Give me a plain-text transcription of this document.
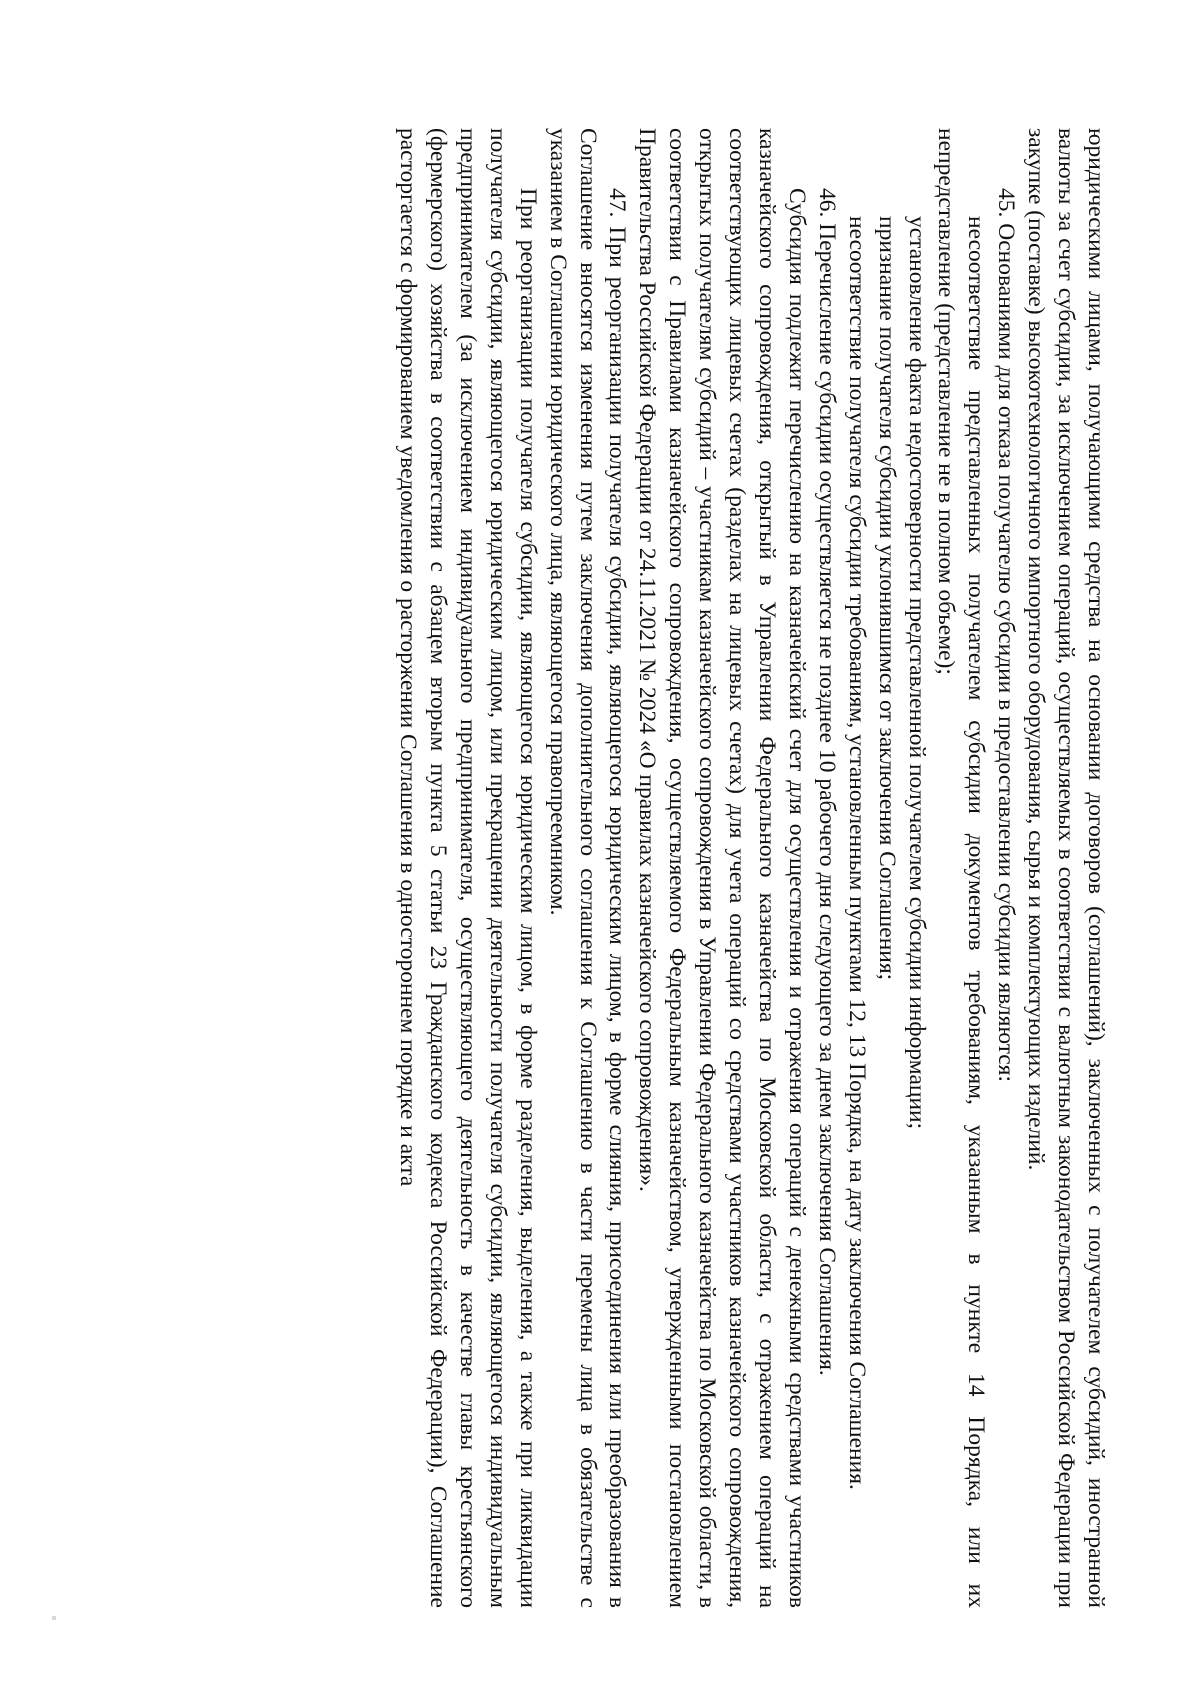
юридическими лицами, получающими средства на основании договоров (соглашений), заключенных с получателем субсидий, иностранной валюты за счет субсидии, за исключением операций, осуществляемых в соответствии с валютным законодательством Российской Федерации при закупке (поставке) высокотехнологичного импортного оборудования, сырья и комплектующих изделий.

45. Основаниями для отказа получателю субсидии в предоставлении субсидии являются:

несоответствие представленных получателем субсидии документов требованиям, указанным в пункте 14 Порядка, или их непредставление (представление не в полном объеме);

установление факта недостоверности представленной получателем субсидии информации;

признание получателя субсидии уклонившимся от заключения Соглашения;

несоответствие получателя субсидии требованиям, установленным пунктами 12, 13 Порядка, на дату заключения Соглашения.

46. Перечисление субсидии осуществляется не позднее 10 рабочего дня следующего за днем заключения Соглашения.

Субсидия подлежит перечислению на казначейский счет для осуществления и отражения операций с денежными средствами участников казначейского сопровождения, открытый в Управлении Федерального казначейства по Московской области, с отражением операций на соответствующих лицевых счетах (разделах на лицевых счетах) для учета операций со средствами участников казначейского сопровождения, открытых получателям субсидий – участникам казначейского сопровождения в Управлении Федерального казначейства по Московской области, в соответствии с Правилами казначейского сопровождения, осуществляемого Федеральным казначейством, утвержденными постановлением Правительства Российской Федерации от 24.11.2021 № 2024 «О правилах казначейского сопровождения».

47. При реорганизации получателя субсидии, являющегося юридическим лицом, в форме слияния, присоединения или преобразования в Соглашение вносятся изменения путем заключения дополнительного соглашения к Соглашению в части перемены лица в обязательстве с указанием в Соглашении юридического лица, являющегося правопреемником.

При реорганизации получателя субсидии, являющегося юридическим лицом, в форме разделения, выделения, а также при ликвидации получателя субсидии, являющегося юридическим лицом, или прекращении деятельности получателя субсидии, являющегося индивидуальным предпринимателем (за исключением индивидуального предпринимателя, осуществляющего деятельность в качестве главы крестьянского (фермерского) хозяйства в соответствии с абзацем вторым пункта 5 статьи 23 Гражданского кодекса Российской Федерации), Соглашение расторгается с формированием уведомления о расторжении Соглашения в одностороннем порядке и акта
